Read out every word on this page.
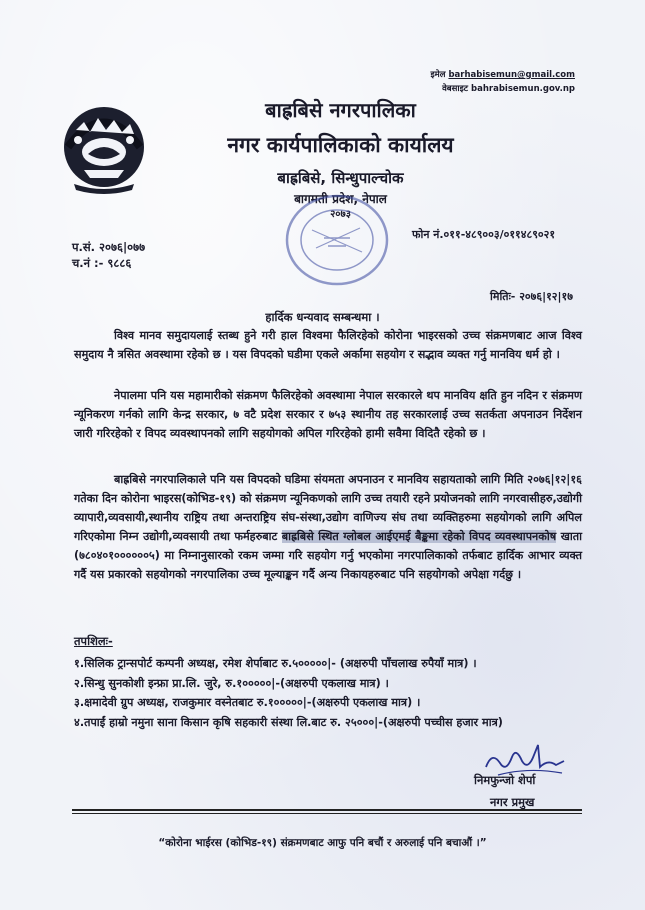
इमेल barhabisemun@gmail.com
वेबसाइट bahrabisemun.gov.np
बाह्रबिसे नगरपालिका
नगर कार्यपालिकाको कार्यालय
बाह्रबिसे, सिन्धुपाल्चोक
बागमती प्रदेश, नेपाल
२०७३
फोन नं.०११-४८९००३/०११४८९०२१
प.सं. २०७६|०७७
च.नं :- ९८८६
मितिः- २०७६|१२|१७
हार्दिक धन्यवाद सम्बन्धमा ।
विश्व मानव समुदायलाई स्तब्ध हुने गरी हाल विश्वमा फैलिरहेको कोरोना भाइरसको उच्च संक्रमणबाट आज विश्व समुदाय नै त्रसित अवस्थामा रहेको छ । यस विपदको घडीमा एकले अर्कामा सहयोग र सद्भाव व्यक्त गर्नु मानविय धर्म हो ।
नेपालमा पनि यस महामारीको संक्रमण फैलिरहेको अवस्थामा नेपाल सरकारले थप मानविय क्षति हुन नदिन र संक्रमण न्यूनिकरण गर्नको लागि केन्द्र सरकार, ७ वटै प्रदेश सरकार र ७५३ स्थानीय तह सरकारलाई उच्च सतर्कता अपनाउन निर्देशन जारी गरिरहेको र विपद व्यवस्थापनको लागि सहयोगको अपिल गरिरहेको हामी सवैमा विदितै रहेको छ ।
बाह्रबिसे नगरपालिकाले पनि यस विपदको घडिमा संयमता अपनाउन र मानविय सहायताको लागि मिति २०७६|१२|१६ गतेका दिन कोरोना भाइरस(कोभिड-१९) को संक्रमण न्यूनिकणको लागि उच्च तयारी रहने प्रयोजनको लागि नगरवासीहरु,उद्योगी व्यापारी,व्यवसायी,स्थानीय राष्ट्रिय तथा अन्तराष्ट्रिय संघ-संस्था,उद्योग वाणिज्य संघ तथा व्यक्तिहरुमा सहयोगको लागि अपिल गरिएकोमा निम्न उद्योगी,व्यवसायी तथा फर्महरुबाट बाह्रबिसे स्थित ग्लोबल आईएमई बैङ्कमा रहेको विपद व्यवस्थापनकोष खाता (७८०४०१००००००५) मा निम्नानुसारको रकम जम्मा गरि सहयोग गर्नु भएकोमा नगरपालिकाको तर्फबाट हार्दिक आभार व्यक्त गर्दै यस प्रकारको सहयोगको नगरपालिका उच्च मूल्याङ्कन गर्दै अन्य निकायहरुबाट पनि सहयोगको अपेक्षा गर्दछु ।
तपशिलः-

१.सिलिक ट्रान्सपोर्ट कम्पनी अध्यक्ष, रमेश शेर्पाबाट रु.५०००००|- (अक्षरुपी पाँचलाख रुपैयाँ मात्र) ।

२.सिन्धु सुनकोशी इन्फ्रा प्रा.लि. जुरे, रु.१०००००|-(अक्षरुपी एकलाख मात्र) ।

३.क्षमादेवी ग्रुप अध्यक्ष, राजकुमार वस्नेतबाट रु.१०००००|-(अक्षरुपी एकलाख मात्र) ।

४.तपाईं हाम्रो नमुना साना किसान कृषि सहकारी संस्था लि.बाट रु. २५०००|-(अक्षरुपी पच्चीस हजार मात्र)

निमफुन्जो शेर्पा
नगर प्रमुख
“कोरोना भाईरस (कोभिड-१९) संक्रमणबाट आफु पनि बचौं र अरुलाई पनि बचाऔं ।”
